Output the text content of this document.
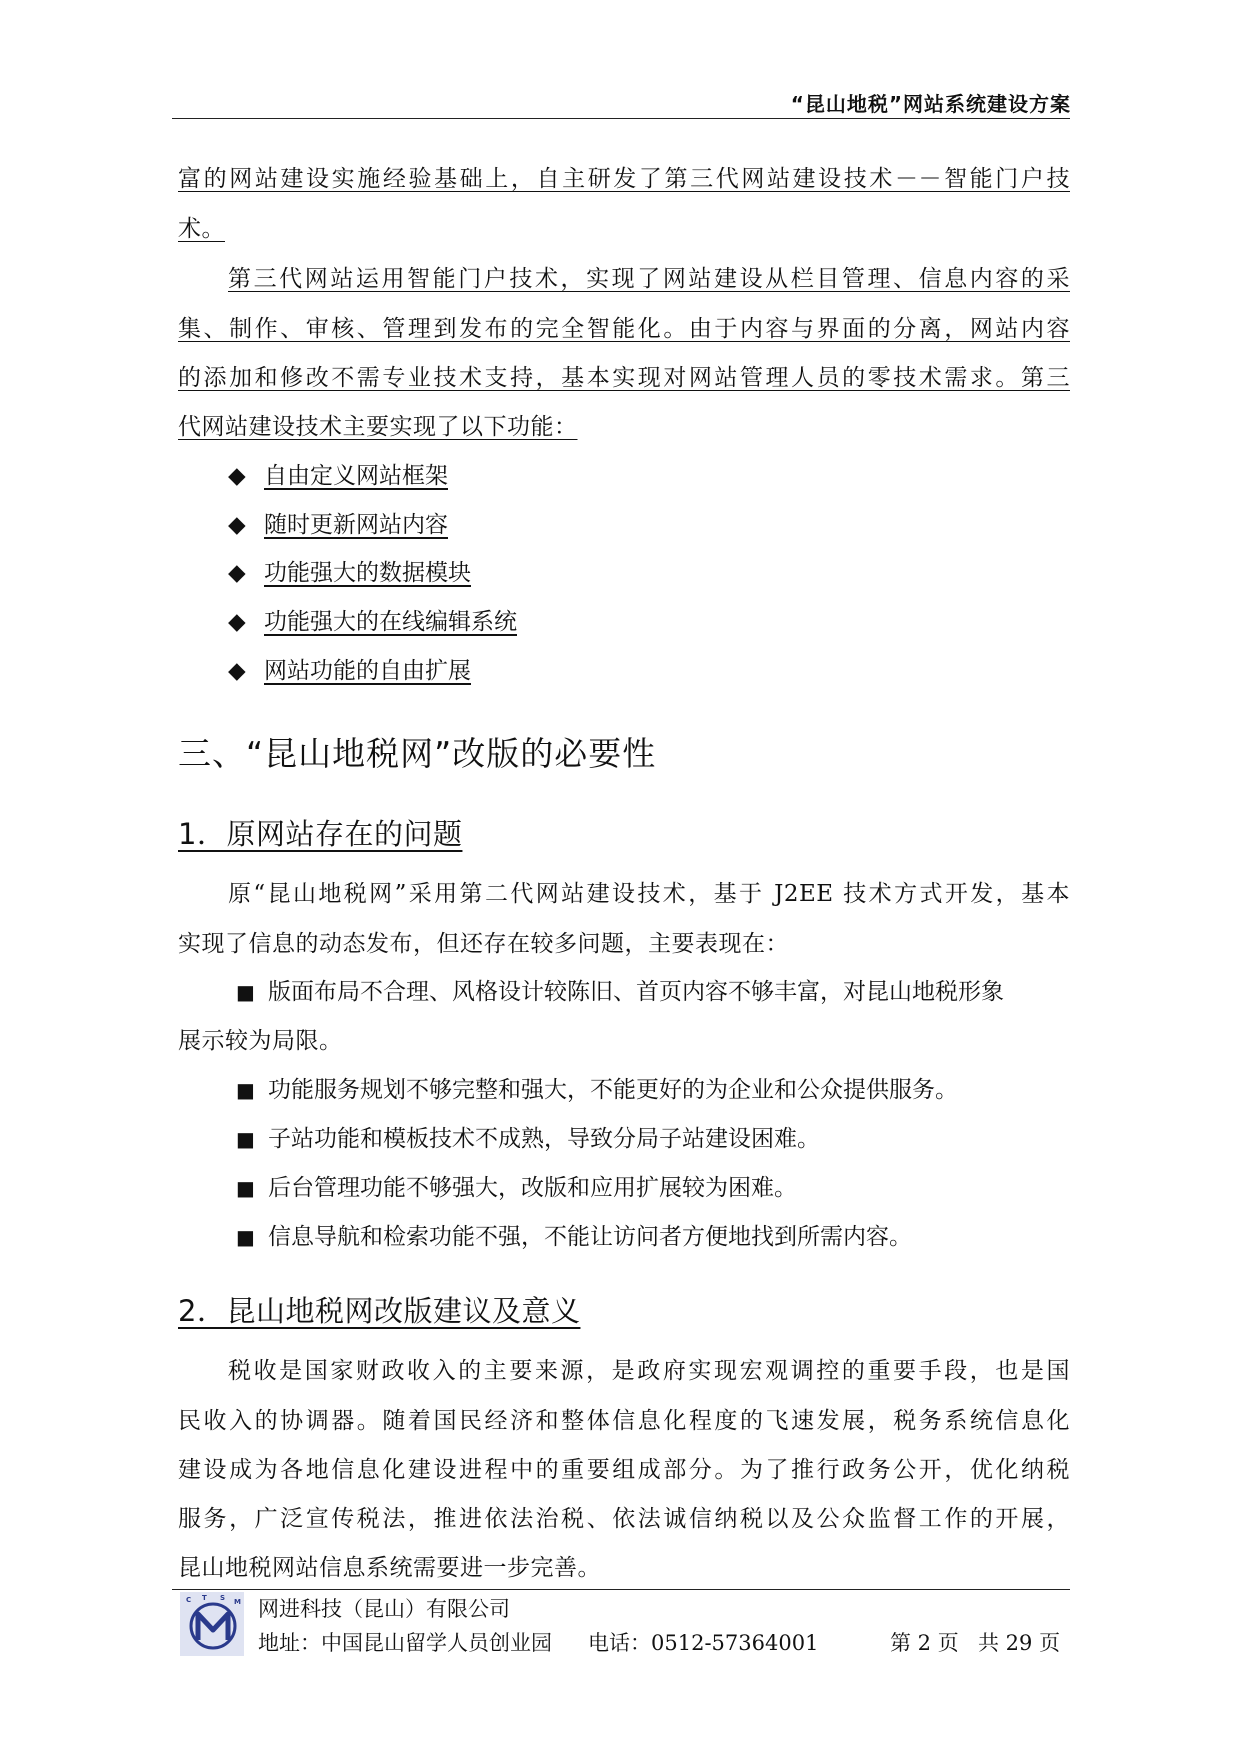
“昆山地税”网站系统建设方案
富的网站建设实施经验基础上，自主研发了第三代网站建设技术－－智能门户技
术。
第三代网站运用智能门户技术，实现了网站建设从栏目管理、信息内容的采
集、制作、审核、管理到发布的完全智能化。由于内容与界面的分离，网站内容
的添加和修改不需专业技术支持，基本实现对网站管理人员的零技术需求。第三
代网站建设技术主要实现了以下功能：
◆ 自由定义网站框架
◆ 随时更新网站内容
◆ 功能强大的数据模块
◆ 功能强大的在线编辑系统
◆ 网站功能的自由扩展
三、“昆山地税网”改版的必要性
1．原网站存在的问题
原“昆山地税网”采用第二代网站建设技术，基于 J2EE 技术方式开发，基本
实现了信息的动态发布，但还存在较多问题，主要表现在：
■ 版面布局不合理、风格设计较陈旧、首页内容不够丰富，对昆山地税形象
展示较为局限。
■ 功能服务规划不够完整和强大，不能更好的为企业和公众提供服务。
■ 子站功能和模板技术不成熟，导致分局子站建设困难。
■ 后台管理功能不够强大，改版和应用扩展较为困难。
■ 信息导航和检索功能不强，不能让访问者方便地找到所需内容。
2．昆山地税网改版建议及意义
税收是国家财政收入的主要来源，是政府实现宏观调控的重要手段，也是国
民收入的协调器。随着国民经济和整体信息化程度的飞速发展，税务系统信息化
建设成为各地信息化建设进程中的重要组成部分。为了推行政务公开，优化纳税
服务，广泛宣传税法，推进依法治税、依法诚信纳税以及公众监督工作的开展，
昆山地税网站信息系统需要进一步完善。
C T S M 网进科技（昆山）有限公司
地址：中国昆山留学人员创业园 电话：0512-57364001	第 2 页 共 29 页
